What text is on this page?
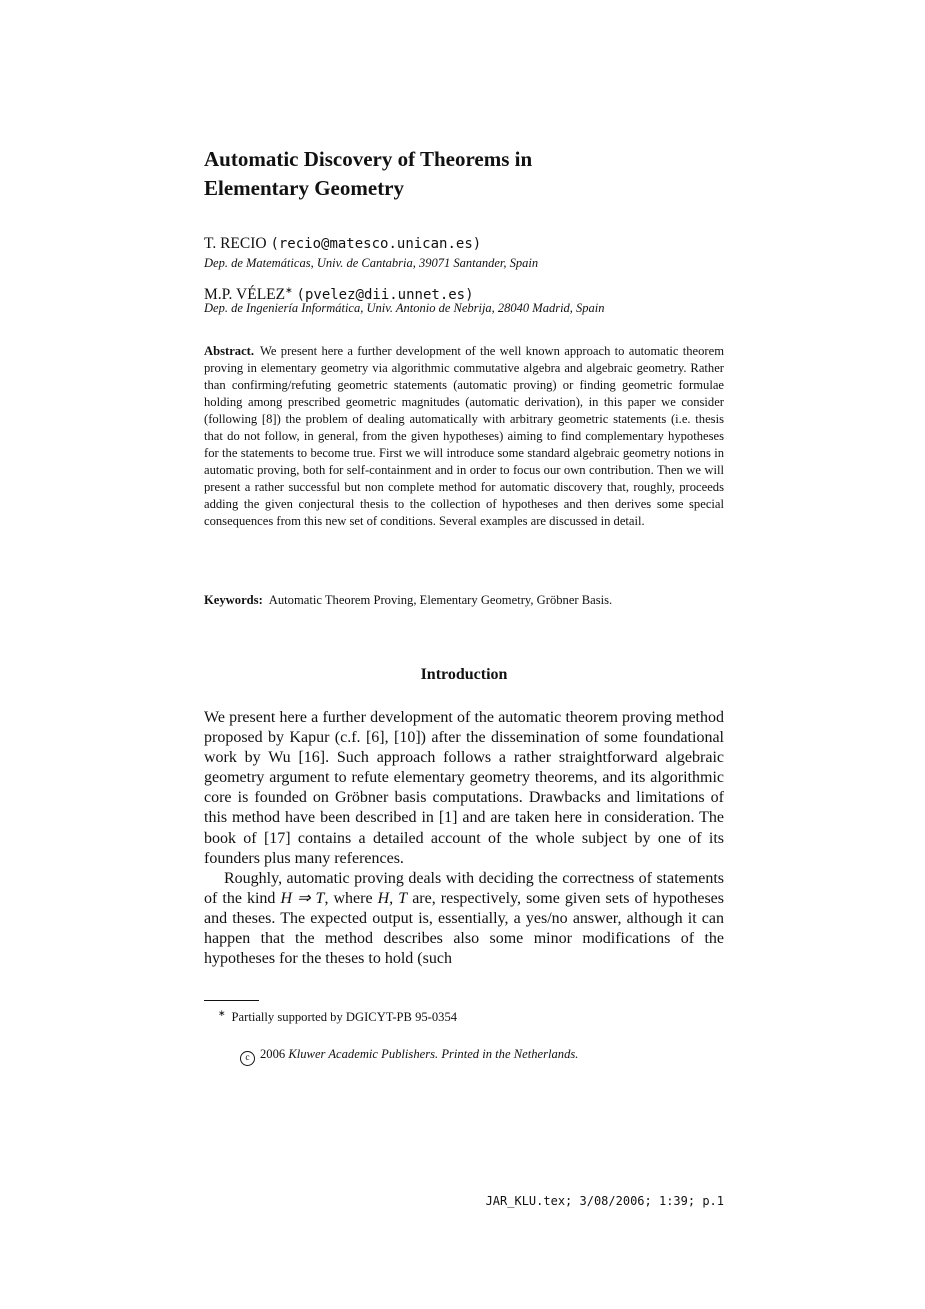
Automatic Discovery of Theorems in
Elementary Geometry
T. RECIO (recio@matesco.unican.es)
Dep. de Matemáticas, Univ. de Cantabria, 39071 Santander, Spain
M.P. VÉLEZ∗ (pvelez@dii.unnet.es)
Dep. de Ingeniería Informática, Univ. Antonio de Nebrija, 28040 Madrid, Spain
Abstract. We present here a further development of the well known approach to automatic theorem proving in elementary geometry via algorithmic commutative algebra and algebraic geometry. Rather than confirming/refuting geometric statements (automatic proving) or finding geometric formulae holding among prescribed geometric magnitudes (automatic derivation), in this paper we consider (following [8]) the problem of dealing automatically with arbitrary geometric statements (i.e. thesis that do not follow, in general, from the given hypotheses) aiming to find complementary hypotheses for the statements to become true. First we will introduce some standard algebraic geometry notions in automatic proving, both for self-containment and in order to focus our own contribution. Then we will present a rather successful but non complete method for automatic discovery that, roughly, proceeds adding the given conjectural thesis to the collection of hypotheses and then derives some special consequences from this new set of conditions. Several examples are discussed in detail.
Keywords: Automatic Theorem Proving, Elementary Geometry, Gröbner Basis.
Introduction

We present here a further development of the automatic theorem proving method proposed by Kapur (c.f. [6], [10]) after the dissemination of some foundational work by Wu [16]. Such approach follows a rather straightforward algebraic geometry argument to refute elementary geometry theorems, and its algorithmic core is founded on Gröbner basis computations. Drawbacks and limitations of this method have been described in [1] and are taken here in consideration. The book of [17] contains a detailed account of the whole subject by one of its founders plus many references.

Roughly, automatic proving deals with deciding the correctness of statements of the kind H ⇒ T, where H, T are, respectively, some given sets of hypotheses and theses. The expected output is, essentially, a yes/no answer, although it can happen that the method describes also some minor modifications of the hypotheses for the theses to hold (such

∗ Partially supported by DGICYT-PB 95-0354
c 2006 Kluwer Academic Publishers. Printed in the Netherlands.
JAR_KLU.tex; 3/08/2006; 1:39; p.1
